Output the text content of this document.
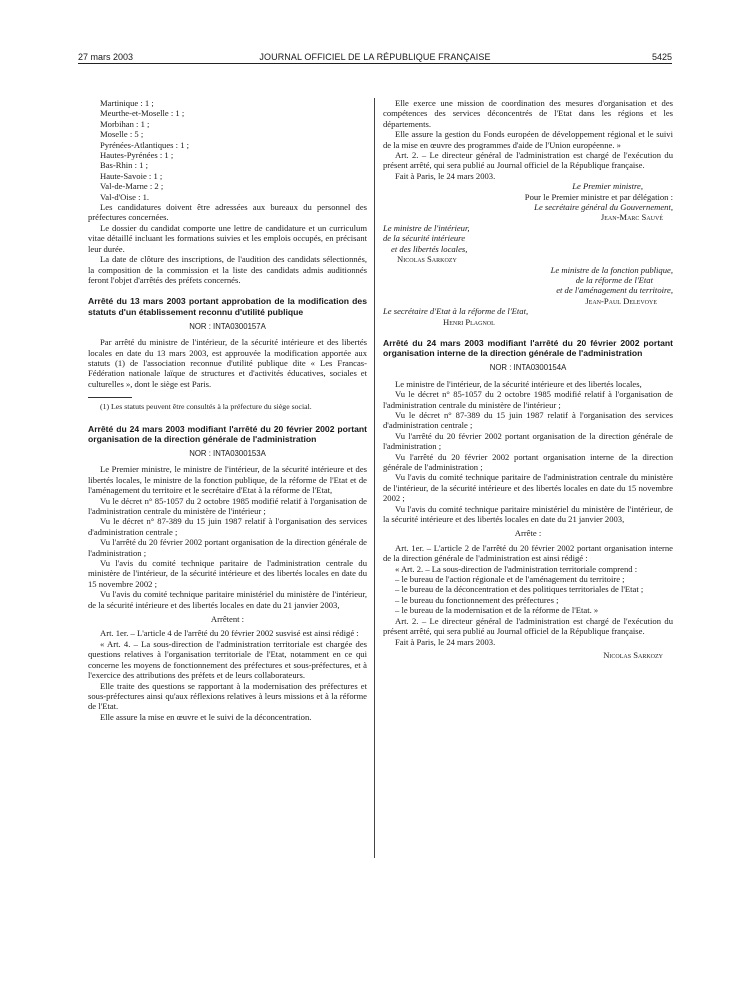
27 mars 2003	JOURNAL OFFICIEL DE LA RÉPUBLIQUE FRANÇAISE	5425

Martinique : 1 ;

Meurthe-et-Moselle : 1 ;

Morbihan : 1 ;

Moselle : 5 ;

Pyrénées-Atlantiques : 1 ;

Hautes-Pyrénées : 1 ;

Bas-Rhin : 1 ;

Haute-Savoie : 1 ;

Val-de-Marne : 2 ;

Val-d'Oise : 1.

Les candidatures doivent être adressées aux bureaux du personnel des préfectures concernées.

Le dossier du candidat comporte une lettre de candidature et un curriculum vitae détaillé incluant les formations suivies et les emplois occupés, en précisant leur durée.

La date de clôture des inscriptions, de l'audition des candidats sélectionnés, la composition de la commission et la liste des candidats admis auditionnés feront l'objet d'arrêtés des préfets concernés.

Arrêté du 13 mars 2003 portant approbation de la modification des statuts d'un établissement reconnu d'utilité publique

NOR : INTA0300157A

Par arrêté du ministre de l'intérieur, de la sécurité intérieure et des libertés locales en date du 13 mars 2003, est approuvée la modification apportée aux statuts (1) de l'association reconnue d'utilité publique dite « Les Francas-Fédération nationale laïque de structures et d'activités éducatives, sociales et culturelles », dont le siège est Paris.

(1) Les statuts peuvent être consultés à la préfecture du siège social.

Arrêté du 24 mars 2003 modifiant l'arrêté du 20 février 2002 portant organisation de la direction générale de l'administration

NOR : INTA0300153A

Le Premier ministre, le ministre de l'intérieur, de la sécurité intérieure et des libertés locales, le ministre de la fonction publique, de la réforme de l'Etat et de l'aménagement du territoire et le secrétaire d'Etat à la réforme de l'Etat,

Vu le décret n° 85-1057 du 2 octobre 1985 modifié relatif à l'organisation de l'administration centrale du ministère de l'intérieur ;

Vu le décret n° 87-389 du 15 juin 1987 relatif à l'organisation des services d'administration centrale ;

Vu l'arrêté du 20 février 2002 portant organisation de la direction générale de l'administration ;

Vu l'avis du comité technique paritaire de l'administration centrale du ministère de l'intérieur, de la sécurité intérieure et des libertés locales en date du 15 novembre 2002 ;

Vu l'avis du comité technique paritaire ministériel du ministère de l'intérieur, de la sécurité intérieure et des libertés locales en date du 21 janvier 2003,

Arrêtent :

Art. 1er. – L'article 4 de l'arrêté du 20 février 2002 susvisé est ainsi rédigé :

« Art. 4. – La sous-direction de l'administration territoriale est chargée des questions relatives à l'organisation territoriale de l'Etat, notamment en ce qui concerne les moyens de fonctionnement des préfectures et sous-préfectures, et à l'exercice des attributions des préfets et de leurs collaborateurs.

Elle traite des questions se rapportant à la modernisation des préfectures et sous-préfectures ainsi qu'aux réflexions relatives à leurs missions et à la réforme de l'Etat.

Elle assure la mise en œuvre et le suivi de la déconcentration.

Elle exerce une mission de coordination des mesures d'organisation et des compétences des services déconcentrés de l'Etat dans les régions et les départements.

Elle assure la gestion du Fonds européen de développement régional et le suivi de la mise en œuvre des programmes d'aide de l'Union européenne. »

Art. 2. – Le directeur général de l'administration est chargé de l'exécution du présent arrêté, qui sera publié au Journal officiel de la République française.

Fait à Paris, le 24 mars 2003.

Le Premier ministre,

Pour le Premier ministre et par délégation :

Le secrétaire général du Gouvernement,

Jean-Marc Sauvé

Le ministre de l'intérieur,

de la sécurité intérieure

et des libertés locales,

Nicolas Sarkozy

Le ministre de la fonction publique,

de la réforme de l'Etat

et de l'aménagement du territoire,

Jean-Paul Delevoye

Le secrétaire d'Etat à la réforme de l'Etat,

Henri Plagnol

Arrêté du 24 mars 2003 modifiant l'arrêté du 20 février 2002 portant organisation interne de la direction générale de l'administration

NOR : INTA0300154A

Le ministre de l'intérieur, de la sécurité intérieure et des libertés locales,

Vu le décret n° 85-1057 du 2 octobre 1985 modifié relatif à l'organisation de l'administration centrale du ministère de l'intérieur ;

Vu le décret n° 87-389 du 15 juin 1987 relatif à l'organisation des services d'administration centrale ;

Vu l'arrêté du 20 février 2002 portant organisation de la direction générale de l'administration ;

Vu l'arrêté du 20 février 2002 portant organisation interne de la direction générale de l'administration ;

Vu l'avis du comité technique paritaire de l'administration centrale du ministère de l'intérieur, de la sécurité intérieure et des libertés locales en date du 15 novembre 2002 ;

Vu l'avis du comité technique paritaire ministériel du ministère de l'intérieur, de la sécurité intérieure et des libertés locales en date du 21 janvier 2003,

Arrête :

Art. 1er. – L'article 2 de l'arrêté du 20 février 2002 portant organisation interne de la direction générale de l'administration est ainsi rédigé :

« Art. 2. – La sous-direction de l'administration territoriale comprend :

– le bureau de l'action régionale et de l'aménagement du territoire ;

– le bureau de la déconcentration et des politiques territoriales de l'Etat ;

– le bureau du fonctionnement des préfectures ;

– le bureau de la modernisation et de la réforme de l'Etat. »

Art. 2. – Le directeur général de l'administration est chargé de l'exécution du présent arrêté, qui sera publié au Journal officiel de la République française.

Fait à Paris, le 24 mars 2003.

Nicolas Sarkozy
